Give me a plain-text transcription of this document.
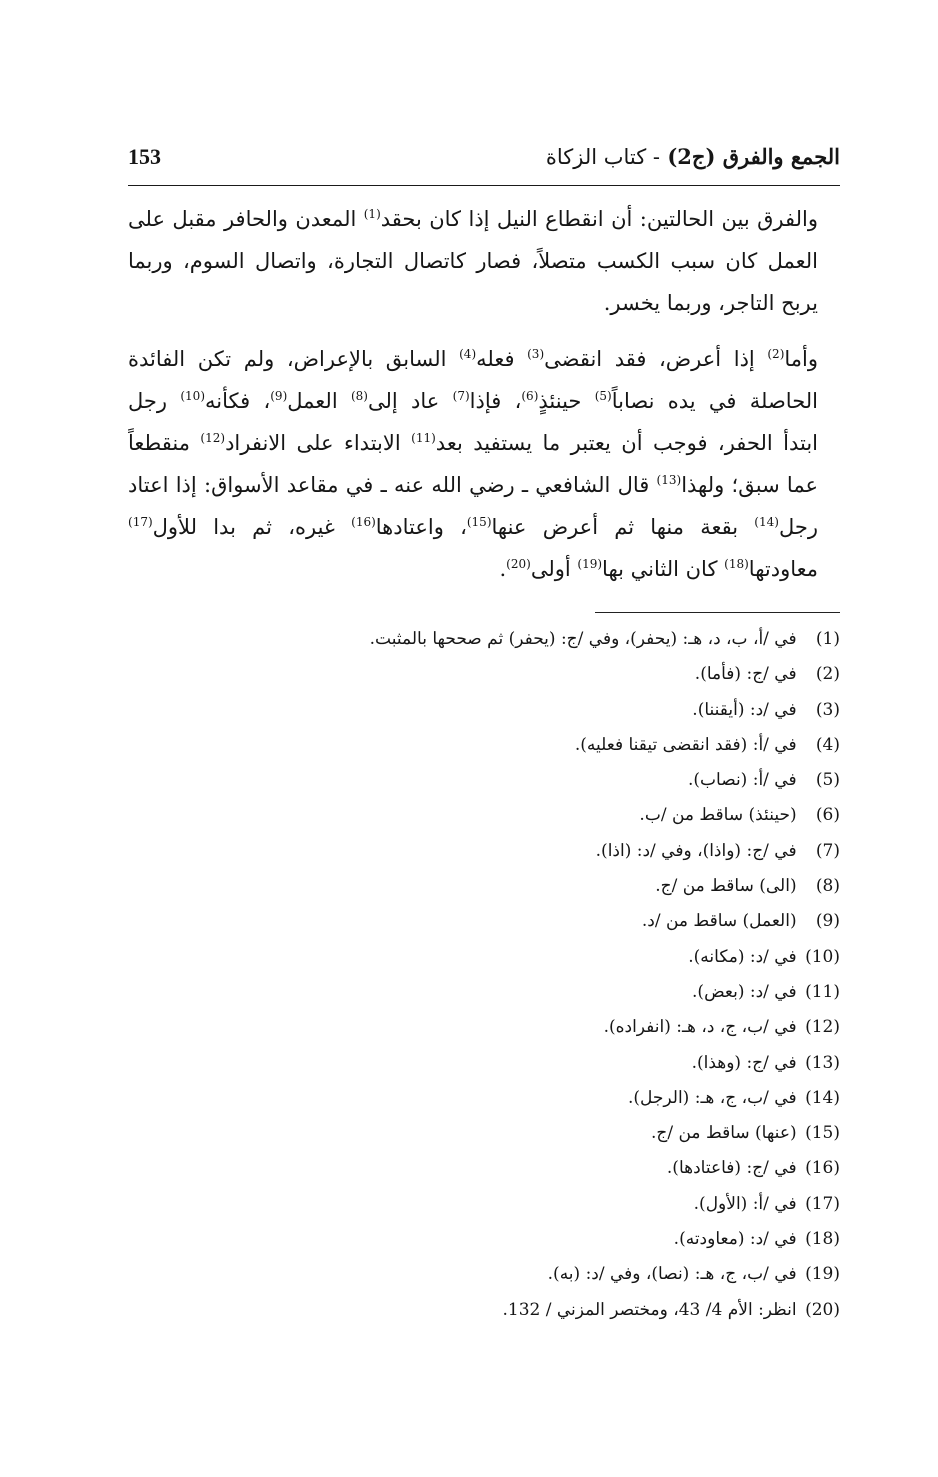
الجمع والفرق (ج2) - كتاب الزكاة
153
والفرق بين الحالتين: أن انقطاع النيل إذا كان بحقد$^{(1)}$ المعدن والحافر مقبل على
العمل كان سبب الكسب متصلاً، فصار كاتصال التجارة، واتصال السوم، وربما
يربح التاجر، وربما يخسر.
وأما$^{(2)}$ إذا أعرض، فقد انقضى$^{(3)}$ فعله$^{(4)}$ السابق بالإعراض، ولم تكن الفائدة
الحاصلة في يده نصاباً$^{(5)}$ حينئذٍ$^{(6)}$، فإذا$^{(7)}$ عاد إلى$^{(8)}$ العمل$^{(9)}$، فكأنه$^{(10)}$ رجل
ابتدأ الحفر، فوجب أن يعتبر ما يستفيد بعد$^{(11)}$ الابتداء على الانفراد$^{(12)}$ منقطعاً
عما سبق؛ ولهذا$^{(13)}$ قال الشافعي ـ رضي الله عنه ـ في مقاعد الأسواق: إذا اعتاد
رجل$^{(14)}$ بقعة منها ثم أعرض عنها$^{(15)}$، واعتادها$^{(16)}$ غيره، ثم بدا للأول$^{(17)}$
معاودتها$^{(18)}$ كان الثاني بها$^{(19)}$ أولى$^{(20)}$.
(1) في /أ، ب، د، هـ: (يحفر)، وفي /ج: (يحفر) ثم صححها بالمثبت.
(2) في /ج: (فأما).
(3) في /د: (أيقننا).
(4) في /أ: (فقد انقضى تيقنا فعليه).
(5) في /أ: (نصاب).
(6) (حينئذ) ساقط من /ب.
(7) في /ج: (واذا)، وفي /د: (اذا).
(8) (الى) ساقط من /ج.
(9) (العمل) ساقط من /د.
(10) في /د: (مكانه).
(11) في /د: (بعض).
(12) في /ب، ج، د، هـ: (انفراده).
(13) في /ج: (وهذا).
(14) في /ب، ج، هـ: (الرجل).
(15) (عنها) ساقط من /ج.
(16) في /ج: (فاعتادها).
(17) في /أ: (الأول).
(18) في /د: (معاودته).
(19) في /ب، ج، هـ: (نصا)، وفي /د: (به).
(20) انظر: الأم 4/ 43، ومختصر المزني / 132.
